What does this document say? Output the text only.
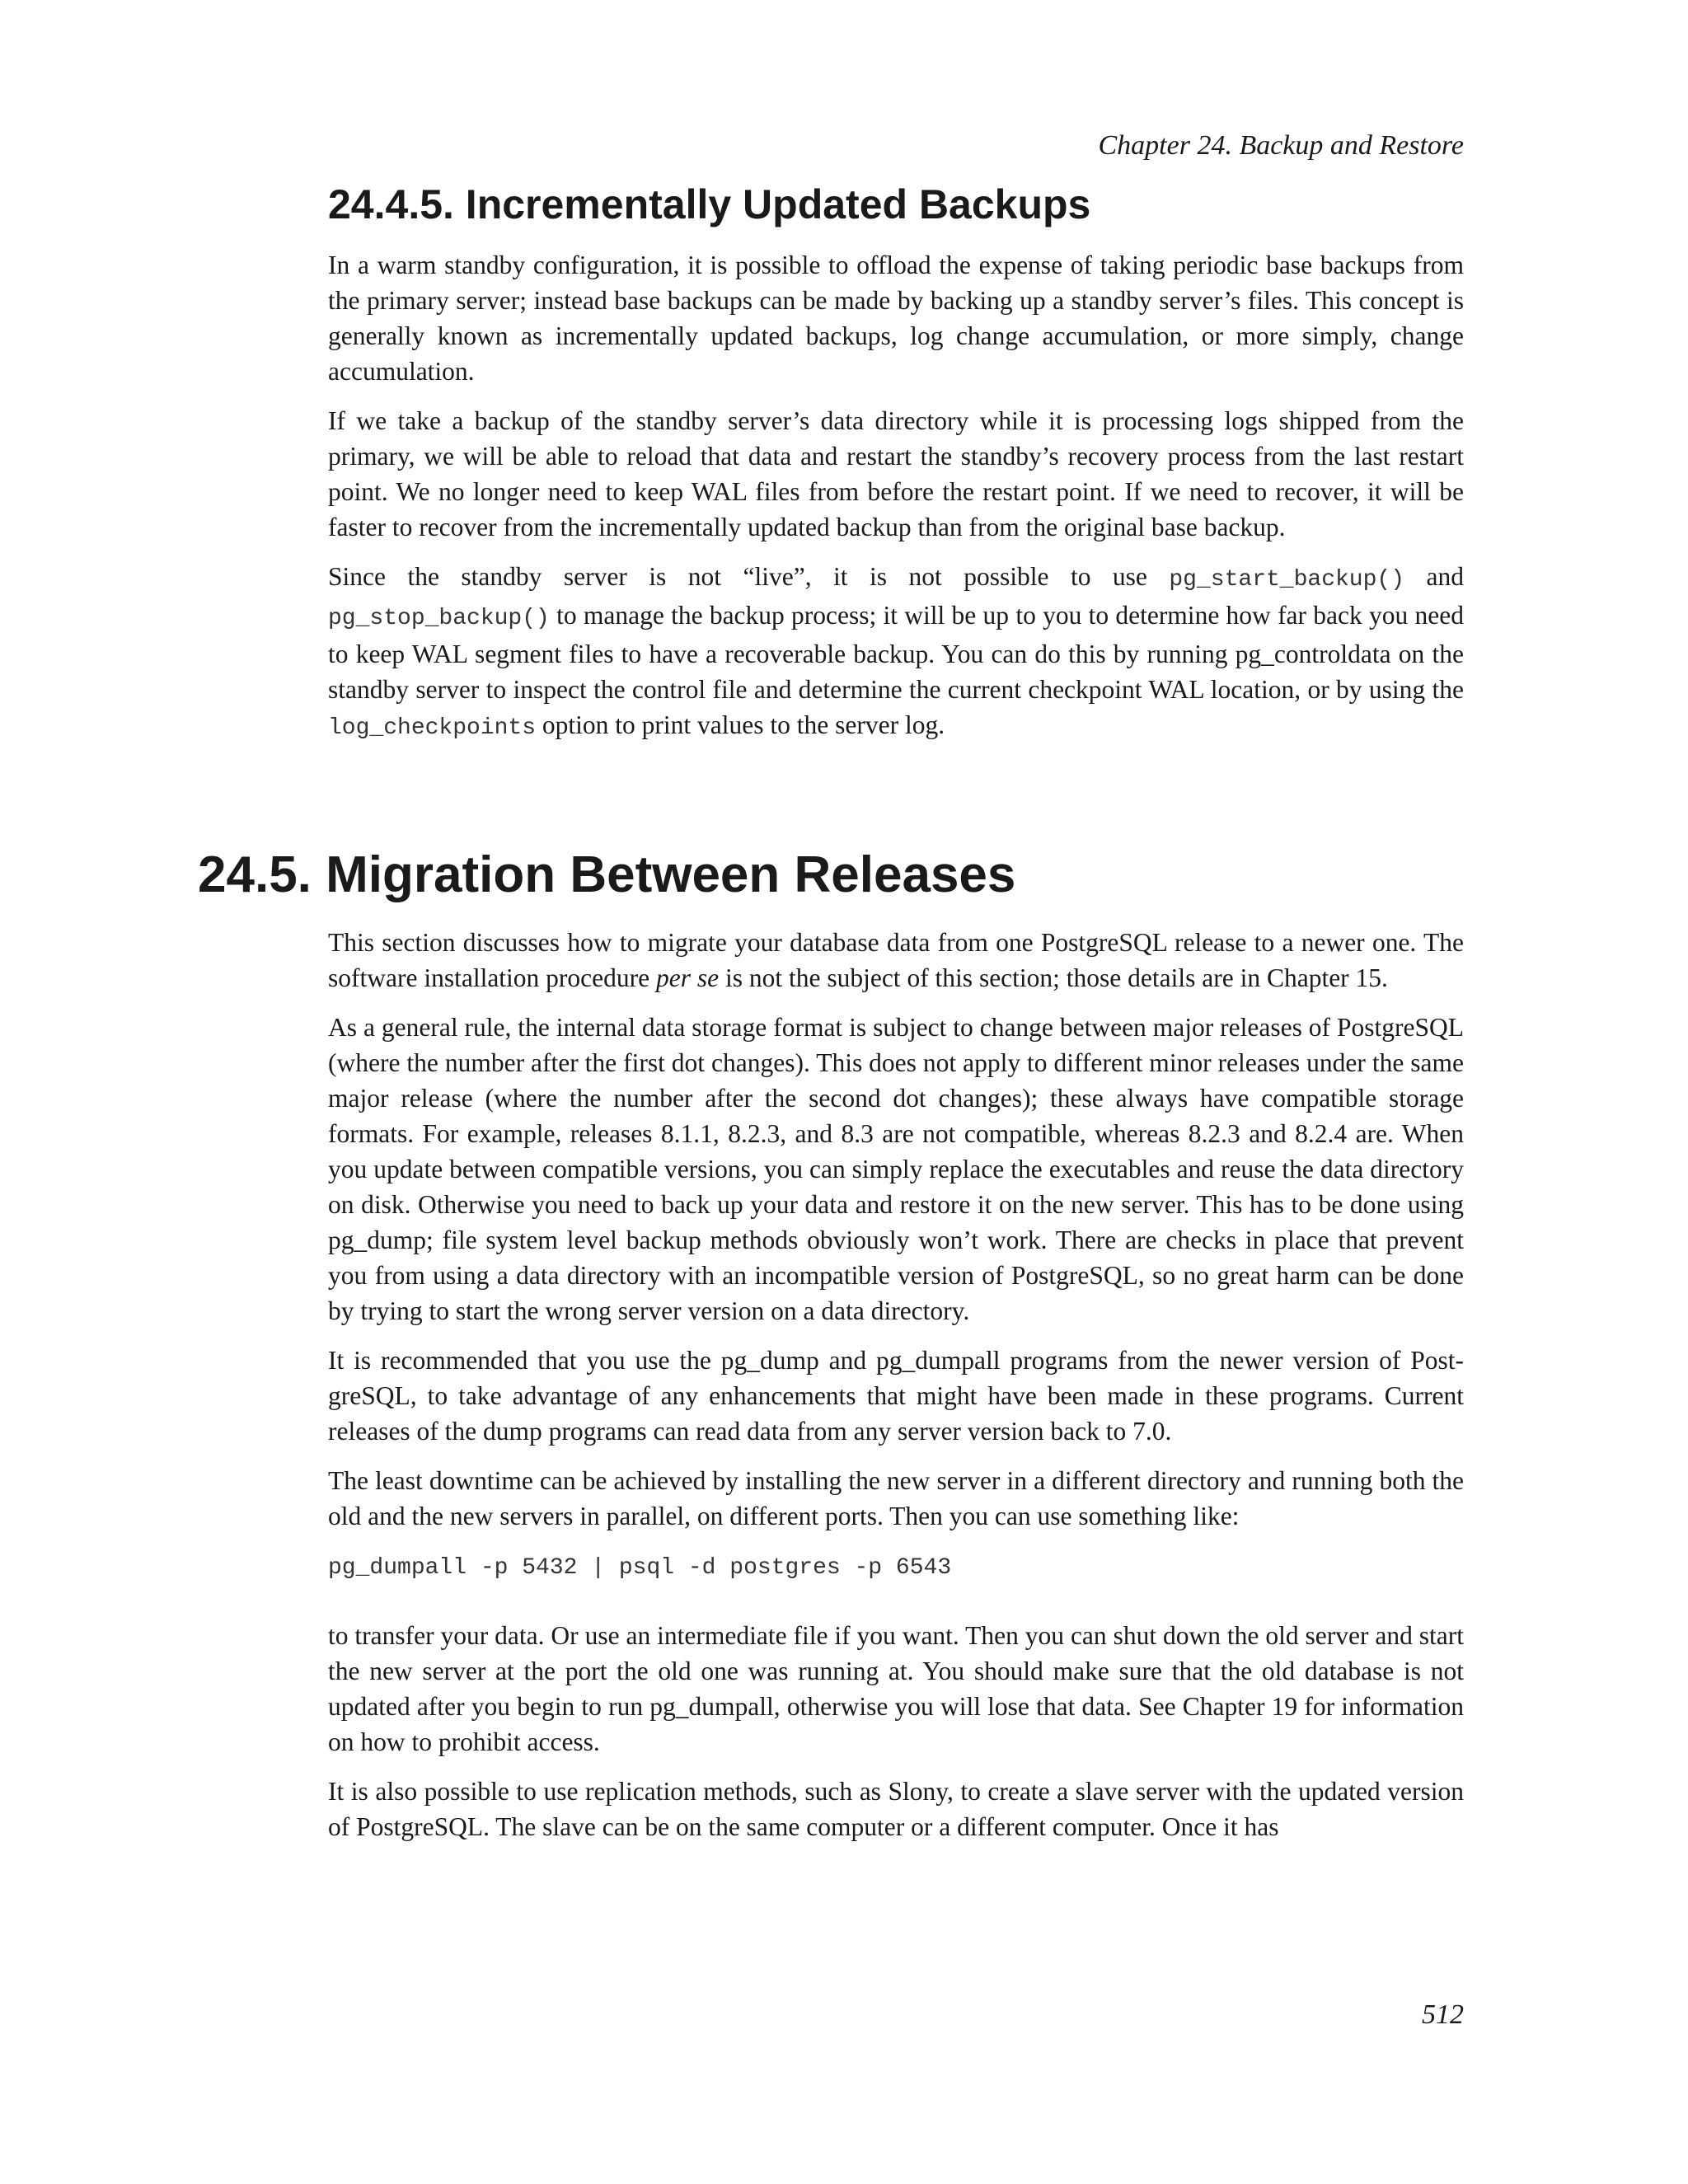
Chapter 24. Backup and Restore

24.4.5. Incrementally Updated Backups

In a warm standby configuration, it is possible to offload the expense of taking periodic base backups from the primary server; instead base backups can be made by backing up a standby server’s files. This concept is generally known as incrementally updated backups, log change accumulation, or more simply, change accumulation.

If we take a backup of the standby server’s data directory while it is processing logs shipped from the primary, we will be able to reload that data and restart the standby’s recovery process from the last restart point. We no longer need to keep WAL files from before the restart point. If we need to recover, it will be faster to recover from the incrementally updated backup than from the original base backup.

Since the standby server is not “live”, it is not possible to use pg_start_backup() and pg_stop_backup() to manage the backup process; it will be up to you to determine how far back you need to keep WAL segment files to have a recoverable backup. You can do this by running pg_controldata on the standby server to inspect the control file and determine the current checkpoint WAL location, or by using the log_checkpoints option to print values to the server log.

24.5. Migration Between Releases

This section discusses how to migrate your database data from one PostgreSQL release to a newer one. The software installation procedure per se is not the subject of this section; those details are in Chapter 15.

As a general rule, the internal data storage format is subject to change between major releases of PostgreSQL (where the number after the first dot changes). This does not apply to different minor releases under the same major release (where the number after the second dot changes); these always have compatible storage formats. For example, releases 8.1.1, 8.2.3, and 8.3 are not compatible, whereas 8.2.3 and 8.2.4 are. When you update between compatible versions, you can simply replace the executables and reuse the data directory on disk. Otherwise you need to back up your data and restore it on the new server. This has to be done using pg_dump; file system level backup methods obviously won’t work. There are checks in place that prevent you from using a data directory with an incompatible version of PostgreSQL, so no great harm can be done by trying to start the wrong server version on a data directory.

It is recommended that you use the pg_dump and pg_dumpall programs from the newer version of PostgreSQL, to take advantage of any enhancements that might have been made in these programs. Current releases of the dump programs can read data from any server version back to 7.0.

The least downtime can be achieved by installing the new server in a different directory and running both the old and the new servers in parallel, on different ports. Then you can use something like:

pg_dumpall -p 5432 | psql -d postgres -p 6543

to transfer your data. Or use an intermediate file if you want. Then you can shut down the old server and start the new server at the port the old one was running at. You should make sure that the old database is not updated after you begin to run pg_dumpall, otherwise you will lose that data. See Chapter 19 for information on how to prohibit access.

It is also possible to use replication methods, such as Slony, to create a slave server with the updated version of PostgreSQL. The slave can be on the same computer or a different computer. Once it has

512
